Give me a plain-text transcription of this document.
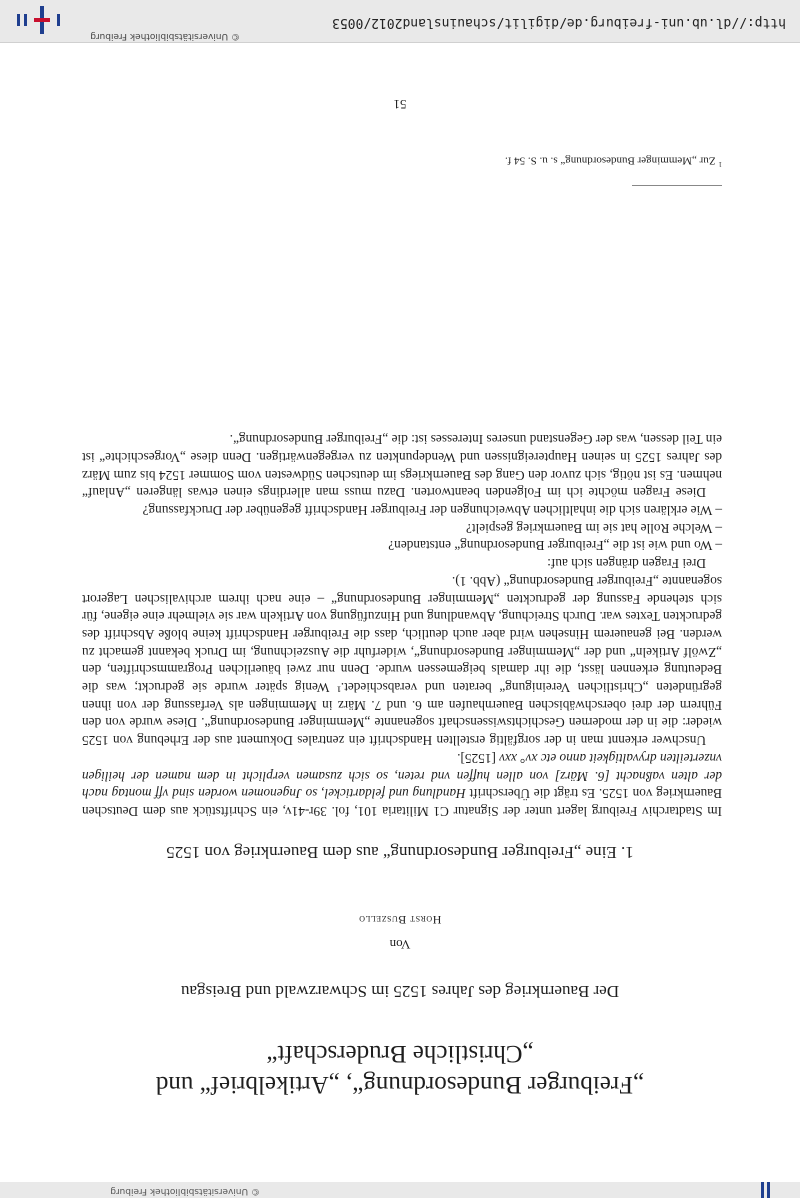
© Universitätsbibliothek Freiburg
„Freiburger Bundesordnung“, „Artikelbrief“ und
„Christliche Bruderschaft“
Der Bauernkrieg des Jahres 1525 im Schwarzwald und Breisgau
Von
Horst Buszello
1. Eine „Freiburger Bundesordnung“ aus dem Bauernkrieg von 1525

Im Stadtarchiv Freiburg lagert unter der Signatur C1 Militaria 101, fol. 39r-41v, ein Schriftstück aus dem Deutschen Bauernkrieg von 1525. Es trägt die Überschrift Handlung und feldartickel, so Jngenomen worden sind vff montag nach der alten vaßnacht [6. März] von allen huffen vnd reten, so sich zusamen verplicht in dem namen der heiligen vnzerteilten dryvaltigkeit anno etc xv° xxv [1525].

Unschwer erkennt man in der sorgfältig erstellten Handschrift ein zentrales Dokument aus der Erhebung von 1525 wieder: die in der modernen Geschichtswissenschaft sogenannte „Memminger Bundesordnung“. Diese wurde von den Führern der drei oberschwäbischen Bauernhaufen am 6. und 7. März in Memmingen als Verfassung der von ihnen gegründeten „Christlichen Vereinigung“ beraten und verabschiedet.¹ Wenig später wurde sie gedruckt; was die Bedeutung erkennen lässt, die ihr damals beigemessen wurde. Denn nur zwei bäuerlichen Programmschriften, den „Zwölf Artikeln“ und der „Memminger Bundesordnung“, widerfuhr die Auszeichnung, im Druck bekannt gemacht zu werden. Bei genauerem Hinsehen wird aber auch deutlich, dass die Freiburger Handschrift keine bloße Abschrift des gedruckten Textes war. Durch Streichung, Abwandlung und Hinzufügung von Artikeln war sie vielmehr eine eigene, für sich stehende Fassung der gedruckten „Memminger Bundesordnung“ – eine nach ihrem archivalischen Lagerort sogenannte „Freiburger Bundesordnung“ (Abb. 1).

Drei Fragen drängen sich auf:

– Wo und wie ist die „Freiburger Bundesordnung“ entstanden?

– Welche Rolle hat sie im Bauernkrieg gespielt?

– Wie erklären sich die inhaltlichen Abweichungen der Freiburger Handschrift gegenüber der Druckfassung?

Diese Fragen möchte ich im Folgenden beantworten. Dazu muss man allerdings einen etwas längeren „Anlauf“ nehmen. Es ist nötig, sich zuvor den Gang des Bauernkriegs im deutschen Südwesten vom Sommer 1524 bis zum März des Jahres 1525 in seinen Hauptereignissen und Wendepunkten zu vergegenwärtigen. Denn diese „Vorgeschichte“ ist ein Teil dessen, was der Gegenstand unseres Interesses ist: die „Freiburger Bundesordnung“.

$^1$Zur „Memminger Bundesordnung“ s. u. S. 54 f.
51
© Universitätsbibliothek Freiburg
http://dl.ub.uni-freiburg.de/digilit/schauinsland2012/0053
